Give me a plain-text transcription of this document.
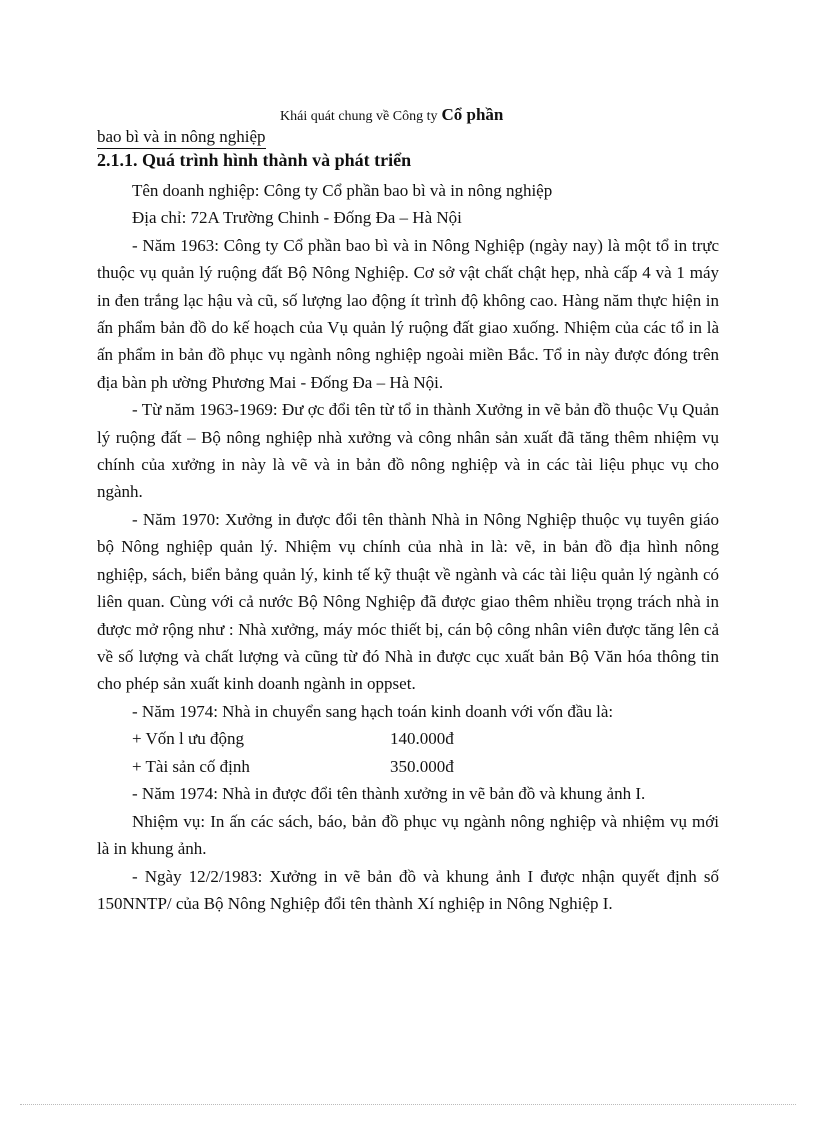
Khái quát chung về Công ty Cổ phần
bao bì và in nông nghiệp
2.1.1. Quá trình hình thành và phát triển

Tên doanh nghiệp: Công ty Cổ phần bao bì và in nông nghiệp

Địa chỉ: 72A Trường Chinh - Đống Đa – Hà Nội

- Năm 1963: Công ty Cổ phần bao bì và in Nông Nghiệp (ngày nay) là một tổ in trực thuộc vụ quản lý ruộng đất Bộ Nông Nghiệp. Cơ sở vật chất chật hẹp, nhà cấp 4 và 1 máy in đen trắng lạc hậu và cũ, số lượng lao động ít trình độ không cao. Hàng năm thực hiện in ấn phẩm bản đồ do kế hoạch của Vụ quản lý ruộng đất giao xuống. Nhiệm của các tổ in là ấn phẩm in bản đồ phục vụ ngành nông nghiệp ngoài miền Bắc. Tổ in này được đóng trên địa bàn ph ường Phương Mai - Đống Đa – Hà Nội.

- Từ năm 1963-1969: Đư ợc đổi tên từ tổ in thành Xưởng in vẽ bản đồ thuộc Vụ Quản lý ruộng đất – Bộ nông nghiệp nhà xưởng và công nhân sản xuất đã tăng thêm nhiệm vụ chính của xưởng in này là vẽ và in bản đồ nông nghiệp và in các tài liệu phục vụ cho ngành.

- Năm 1970: Xưởng in được đổi tên thành Nhà in Nông Nghiệp thuộc vụ tuyên giáo bộ Nông nghiệp quản lý. Nhiệm vụ chính của nhà in là: vẽ, in bản đồ địa hình nông nghiệp, sách, biển bảng quản lý, kinh tế kỹ thuật về ngành và các tài liệu quản lý ngành có liên quan. Cùng với cả nước Bộ Nông Nghiệp đã được giao thêm nhiều trọng trách nhà in được mở rộng như : Nhà xưởng, máy móc thiết bị, cán bộ công nhân viên được tăng lên cả về số lượng và chất lượng và cũng từ đó Nhà in được cục xuất bản Bộ Văn hóa thông tin cho phép sản xuất kinh doanh ngành in oppset.

- Năm 1974: Nhà in chuyển sang hạch toán kinh doanh với vốn đầu là:

+ Vốn l ưu động	140.000đ
+ Tài sản cố định	350.000đ

- Năm 1974: Nhà in được đổi tên thành xưởng in vẽ bản đồ và khung ảnh I.

Nhiệm vụ: In ấn các sách, báo, bản đồ phục vụ ngành nông nghiệp và nhiệm vụ mới là in khung ảnh.

- Ngày 12/2/1983: Xưởng in vẽ bản đồ và khung ảnh I được nhận quyết định số 150NNTP/ của Bộ Nông Nghiệp đổi tên thành Xí nghiệp in Nông Nghiệp I.
